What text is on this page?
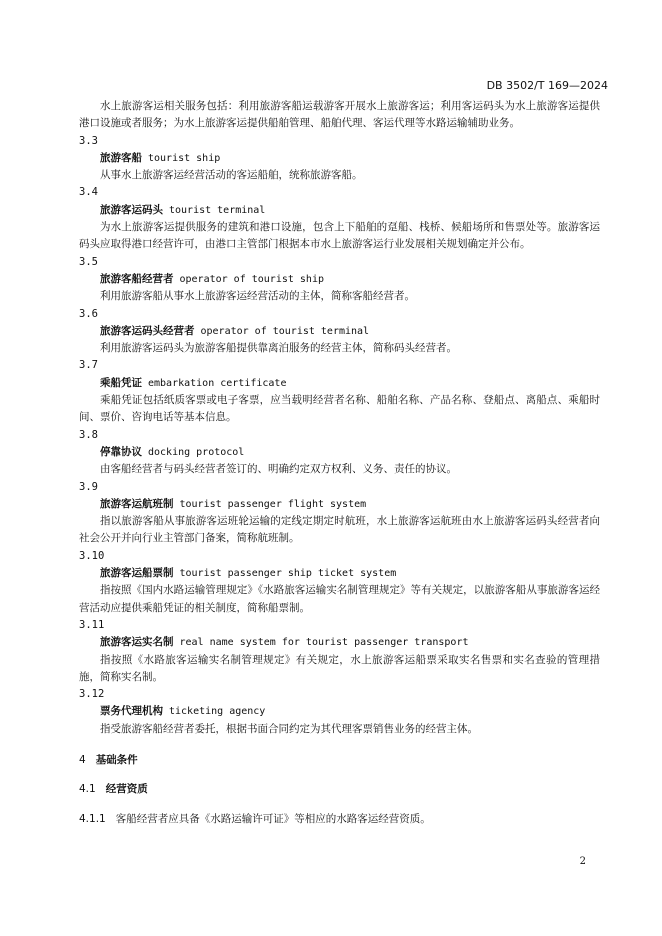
DB 3502/T 169—2024

水上旅游客运相关服务包括：利用旅游客船运载游客开展水上旅游客运；利用客运码头为水上旅游客运提供港口设施或者服务；为水上旅游客运提供船舶管理、船舶代理、客运代理等水路运输辅助业务。

3.3

旅游客船 tourist ship

从事水上旅游客运经营活动的客运船舶，统称旅游客船。

3.4

旅游客运码头 tourist terminal

为水上旅游客运提供服务的建筑和港口设施，包含上下船舶的趸船、栈桥、候船场所和售票处等。旅游客运码头应取得港口经营许可，由港口主管部门根据本市水上旅游客运行业发展相关规划确定并公布。

3.5

旅游客船经营者 operator of tourist ship

利用旅游客船从事水上旅游客运经营活动的主体，简称客船经营者。

3.6

旅游客运码头经营者 operator of tourist terminal

利用旅游客运码头为旅游客船提供靠离泊服务的经营主体，简称码头经营者。

3.7

乘船凭证 embarkation certificate

乘船凭证包括纸质客票或电子客票，应当载明经营者名称、船舶名称、产品名称、登船点、离船点、乘船时间、票价、咨询电话等基本信息。

3.8

停靠协议 docking protocol

由客船经营者与码头经营者签订的、明确约定双方权利、义务、责任的协议。

3.9

旅游客运航班制 tourist passenger flight system

指以旅游客船从事旅游客运班轮运输的定线定期定时航班，水上旅游客运航班由水上旅游客运码头经营者向社会公开并向行业主管部门备案，简称航班制。

3.10

旅游客运船票制 tourist passenger ship ticket system

指按照《国内水路运输管理规定》《水路旅客运输实名制管理规定》等有关规定，以旅游客船从事旅游客运经营活动应提供乘船凭证的相关制度，简称船票制。

3.11

旅游客运实名制 real name system for tourist passenger transport

指按照《水路旅客运输实名制管理规定》有关规定，水上旅游客运船票采取实名售票和实名查验的管理措施，简称实名制。

3.12

票务代理机构 ticketing agency

指受旅游客船经营者委托，根据书面合同约定为其代理客票销售业务的经营主体。

4 基础条件
4.1 经营资质
4.1.1 客船经营者应具备《水路运输许可证》等相应的水路客运经营资质。
2
